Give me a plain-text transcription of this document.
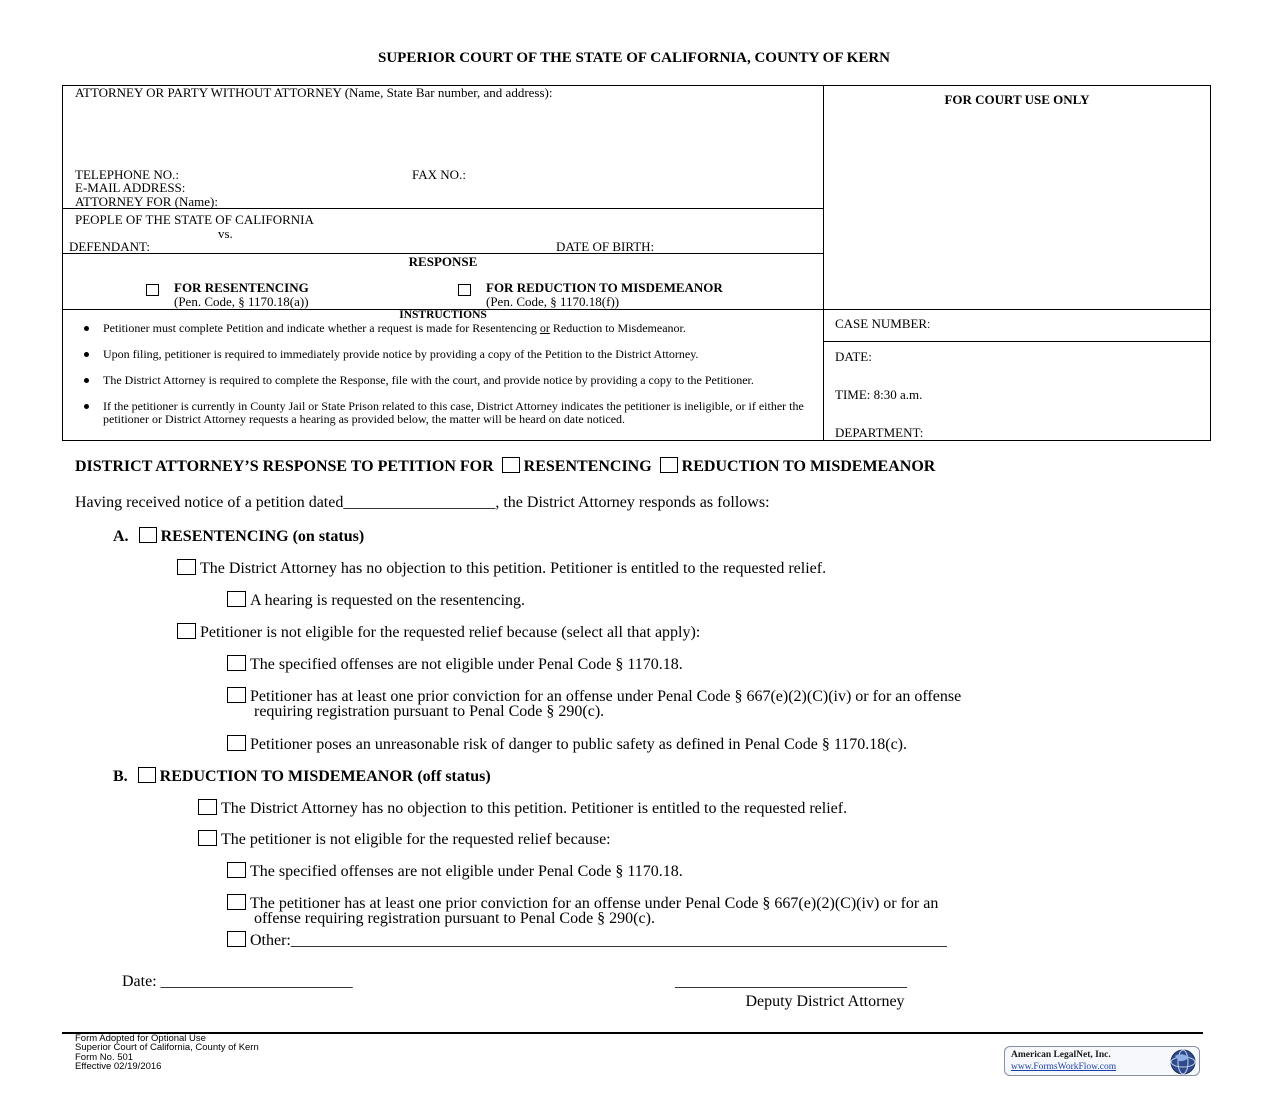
SUPERIOR COURT OF THE STATE OF CALIFORNIA, COUNTY OF KERN
ATTORNEY OR PARTY WITHOUT ATTORNEY (Name, State Bar number, and address):
TELEPHONE NO.:	FAX NO.:
E-MAIL ADDRESS:
ATTORNEY FOR (Name):
PEOPLE OF THE STATE OF CALIFORNIA
vs.
DEFENDANT:	DATE OF BIRTH:
FOR COURT USE ONLY
RESPONSE
FOR RESENTENCING
(Pen. Code, § 1170.18(a))
FOR REDUCTION TO MISDEMEANOR
(Pen. Code, § 1170.18(f))
CASE NUMBER:
DATE:
TIME: 8:30 a.m.
DEPARTMENT:
INSTRUCTIONS
Petitioner must complete Petition and indicate whether a request is made for Resentencing or Reduction to Misdemeanor.
Upon filing, petitioner is required to immediately provide notice by providing a copy of the Petition to the District Attorney.
The District Attorney is required to complete the Response, file with the court, and provide notice by providing a copy to the Petitioner.
If the petitioner is currently in County Jail or State Prison related to this case, District Attorney indicates the petitioner is ineligible, or if either the petitioner or District Attorney requests a hearing as provided below, the matter will be heard on date noticed.
DISTRICT ATTORNEY’S RESPONSE TO PETITION FOR RESENTENCING REDUCTION TO MISDEMEANOR
Having received notice of a petition dated___________________, the District Attorney responds as follows:
A. RESENTENCING (on status)
The District Attorney has no objection to this petition. Petitioner is entitled to the requested relief.
A hearing is requested on the resentencing.
Petitioner is not eligible for the requested relief because (select all that apply):
The specified offenses are not eligible under Penal Code § 1170.18.
Petitioner has at least one prior conviction for an offense under Penal Code § 667(e)(2)(C)(iv) or for an offense
requiring registration pursuant to Penal Code § 290(c).
Petitioner poses an unreasonable risk of danger to public safety as defined in Penal Code § 1170.18(c).
B. REDUCTION TO MISDEMEANOR (off status)
The District Attorney has no objection to this petition. Petitioner is entitled to the requested relief.
The petitioner is not eligible for the requested relief because:
The specified offenses are not eligible under Penal Code § 1170.18.
The petitioner has at least one prior conviction for an offense under Penal Code § 667(e)(2)(C)(iv) or for an
offense requiring registration pursuant to Penal Code § 290(c).
Other:__________________________________________________________________________________
Date: ________________________	_____________________________
Deputy District Attorney
Form Adopted for Optional Use
Superior Court of California, County of Kern
Form No. 501
Effective 02/19/2016
American LegalNet, Inc.
www.FormsWorkFlow.com
